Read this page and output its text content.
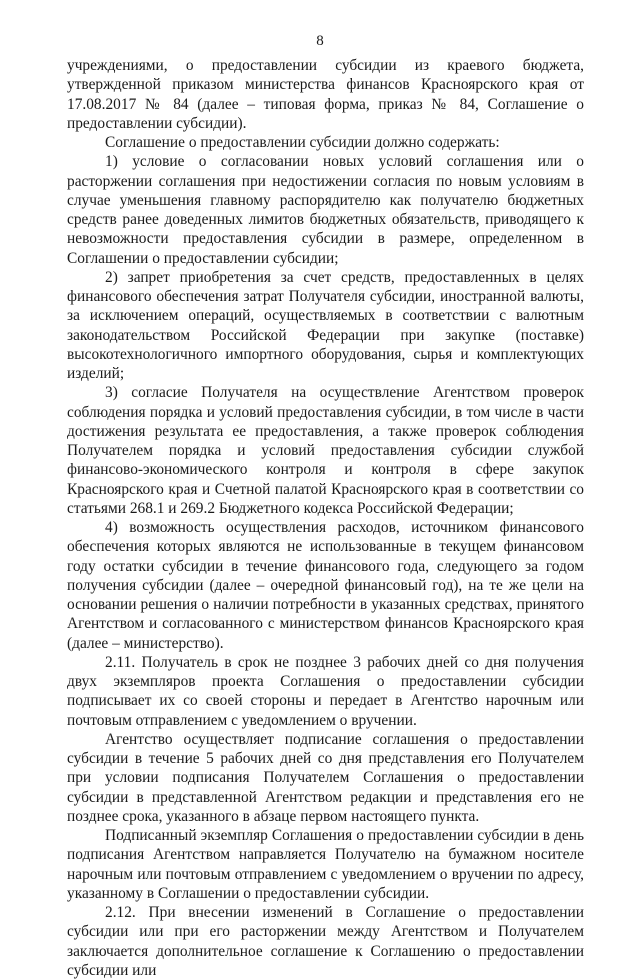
8

учреждениями, о предоставлении субсидии из краевого бюджета, утвержденной приказом министерства финансов Красноярского края от 17.08.2017 № 84 (далее – типовая форма, приказ № 84, Соглашение о предоставлении субсидии).

Соглашение о предоставлении субсидии должно содержать:

1) условие о согласовании новых условий соглашения или о расторжении соглашения при недостижении согласия по новым условиям в случае уменьшения главному распорядителю как получателю бюджетных средств ранее доведенных лимитов бюджетных обязательств, приводящего к невозможности предоставления субсидии в размере, определенном в Соглашении о предоставлении субсидии;

2) запрет приобретения за счет средств, предоставленных в целях финансового обеспечения затрат Получателя субсидии, иностранной валюты, за исключением операций, осуществляемых в соответствии с валютным законодательством Российской Федерации при закупке (поставке) высокотехнологичного импортного оборудования, сырья и комплектующих изделий;

3) согласие Получателя на осуществление Агентством проверок соблюдения порядка и условий предоставления субсидии, в том числе в части достижения результата ее предоставления, а также проверок соблюдения Получателем порядка и условий предоставления субсидии службой финансово-экономического контроля и контроля в сфере закупок Красноярского края и Счетной палатой Красноярского края в соответствии со статьями 268.1 и 269.2 Бюджетного кодекса Российской Федерации;

4) возможность осуществления расходов, источником финансового обеспечения которых являются не использованные в текущем финансовом году остатки субсидии в течение финансового года, следующего за годом получения субсидии (далее – очередной финансовый год), на те же цели на основании решения о наличии потребности в указанных средствах, принятого Агентством и согласованного с министерством финансов Красноярского края (далее – министерство).

2.11. Получатель в срок не позднее 3 рабочих дней со дня получения двух экземпляров проекта Соглашения о предоставлении субсидии подписывает их со своей стороны и передает в Агентство нарочным или почтовым отправлением с уведомлением о вручении.

Агентство осуществляет подписание соглашения о предоставлении субсидии в течение 5 рабочих дней со дня представления его Получателем при условии подписания Получателем Соглашения о предоставлении субсидии в представленной Агентством редакции и представления его не позднее срока, указанного в абзаце первом настоящего пункта.

Подписанный экземпляр Соглашения о предоставлении субсидии в день подписания Агентством направляется Получателю на бумажном носителе нарочным или почтовым отправлением с уведомлением о вручении по адресу, указанному в Соглашении о предоставлении субсидии.

2.12. При внесении изменений в Соглашение о предоставлении субсидии или при его расторжении между Агентством и Получателем заключается дополнительное соглашение к Соглашению о предоставлении субсидии или
